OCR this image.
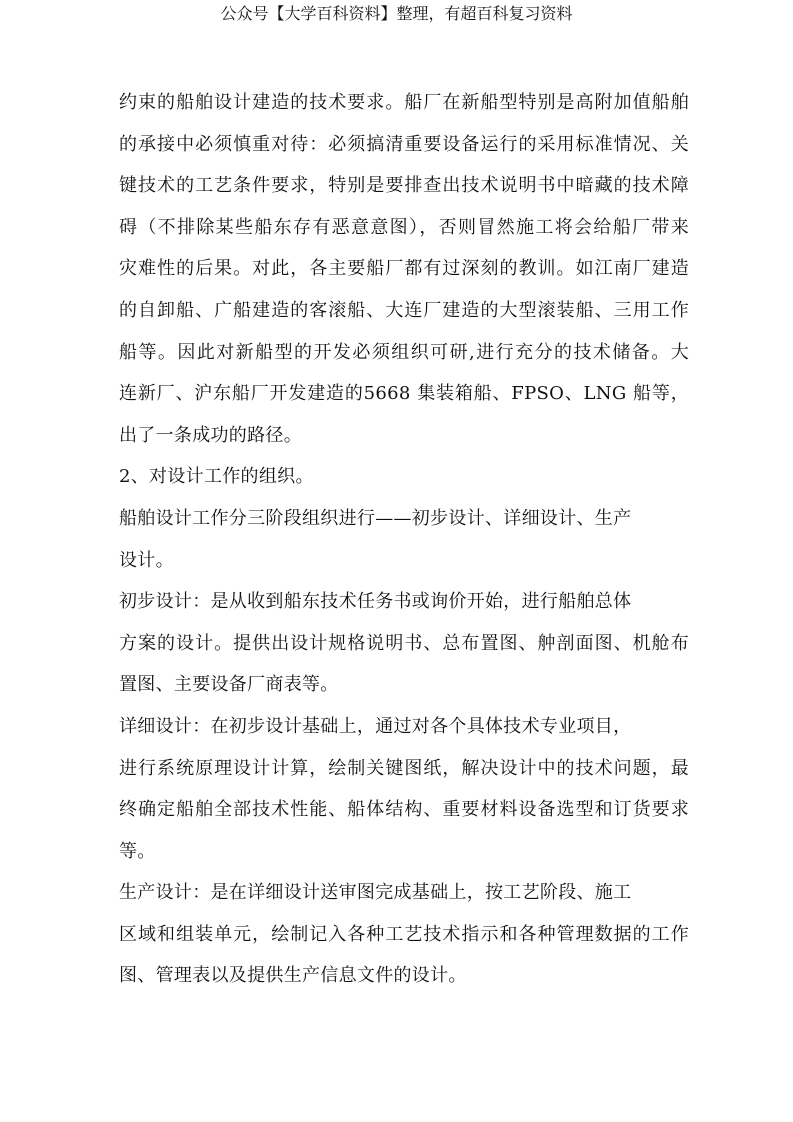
公众号【大学百科资料】整理，有超百科复习资料
约束的船舶设计建造的技术要求。船厂在新船型特别是高附加值船舶
的承接中必须慎重对待：必须搞清重要设备运行的采用标准情况、关
键技术的工艺条件要求，特别是要排查出技术说明书中暗藏的技术障
碍（不排除某些船东存有恶意意图），否则冒然施工将会给船厂带来
灾难性的后果。对此，各主要船厂都有过深刻的教训。如江南厂建造
的自卸船、广船建造的客滚船、大连厂建造的大型滚装船、三用工作
船等。因此对新船型的开发必须组织可研,进行充分的技术储备。大
连新厂、沪东船厂开发建造的5668 集装箱船、FPSO、LNG 船等，
出了一条成功的路径。
2、对设计工作的组织。
船舶设计工作分三阶段组织进行——初步设计、详细设计、生产
设计。
初步设计：是从收到船东技术任务书或询价开始，进行船舶总体
方案的设计。提供出设计规格说明书、总布置图、舯剖面图、机舱布
置图、主要设备厂商表等。
详细设计：在初步设计基础上，通过对各个具体技术专业项目，
进行系统原理设计计算，绘制关键图纸，解决设计中的技术问题，最
终确定船舶全部技术性能、船体结构、重要材料设备选型和订货要求
等。
生产设计：是在详细设计送审图完成基础上，按工艺阶段、施工
区域和组装单元，绘制记入各种工艺技术指示和各种管理数据的工作
图、管理表以及提供生产信息文件的设计。
